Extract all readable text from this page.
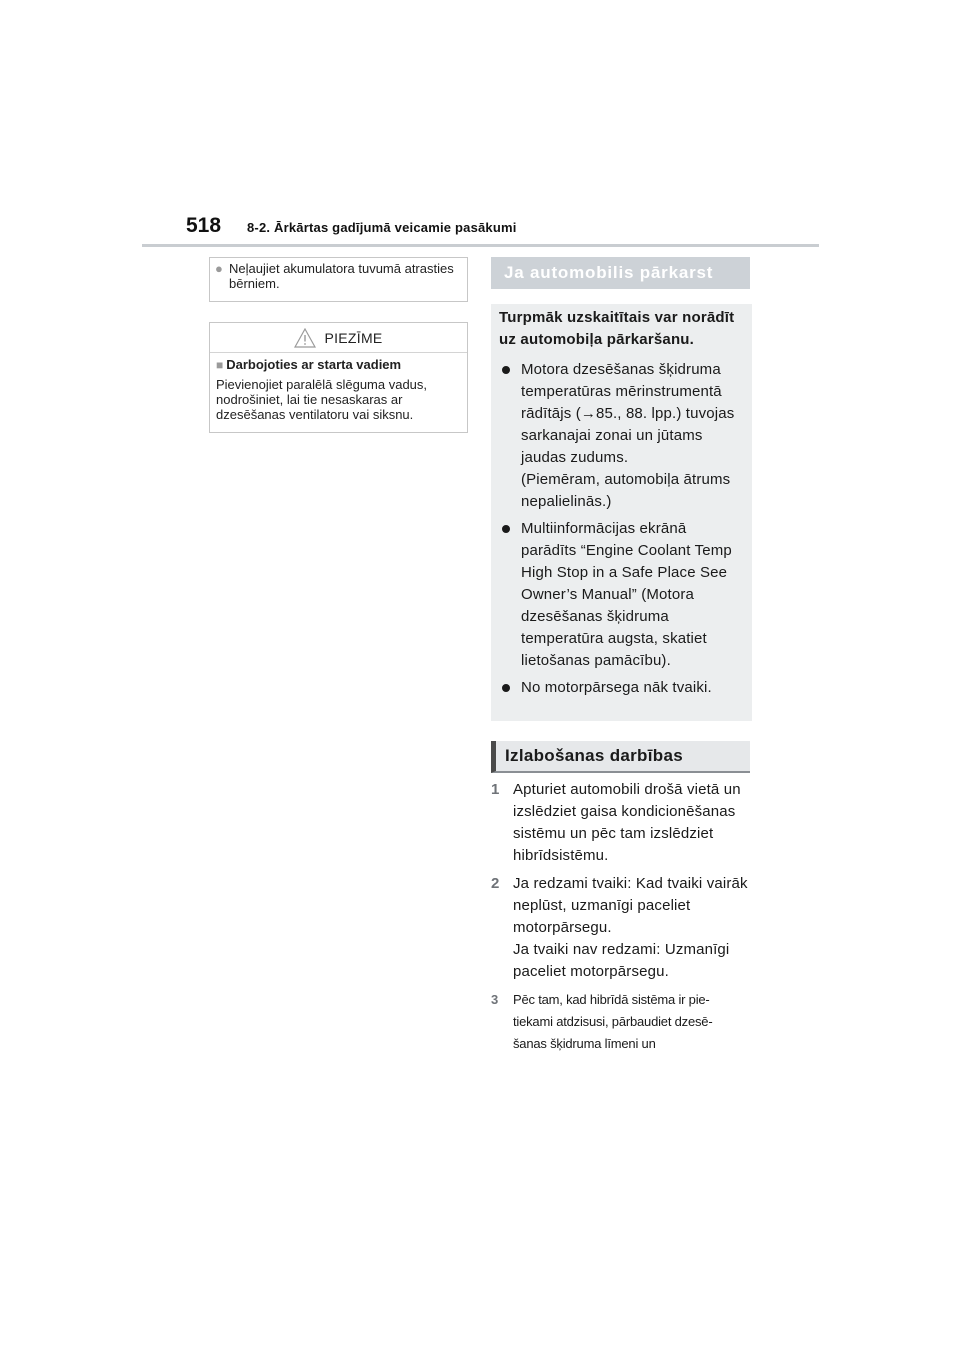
518 8-2. Ārkārtas gadījumā veicamie pasākumi
● Neļaujiet akumulatora tuvumā atrasties bērniem.
PIEZĪME
■ Darbojoties ar starta vadiem
Pievienojiet paralēlā slēguma vadus, nodrošiniet, lai tie nesaskaras ar dzesēšanas ventilatoru vai siksnu.
Ja automobilis pārkarst
Turpmāk uzskaitītais var norādīt uz automobiļa pārkaršanu.
Motora dzesēšanas šķidruma temperatūras mērinstrumentā rādītājs (→85., 88. lpp.) tuvojas sarkanajai zonai un jūtams jaudas zudums.
(Piemēram, automobiļa ātrums nepalielinās.)
Multiinformācijas ekrānā parādīts “Engine Coolant Temp High Stop in a Safe Place See Owner’s Manual” (Motora dzesēšanas šķidruma temperatūra augsta, skatiet lietošanas pamācību).
No motorpārsega nāk tvaiki.
Izlabošanas darbības
1 Apturiet automobili drošā vietā un izslēdziet gaisa kondicionēšanas sistēmu un pēc tam izslēdziet hibrīdsistēmu.
2 Ja redzami tvaiki: Kad tvaiki vairāk neplūst, uzmanīgi paceliet motorpārsegu.
Ja tvaiki nav redzami: Uzmanīgi paceliet motorpārsegu.
3	Pēc tam, kad hibrīdā sistēma ir pie-
tiekami atdzisusi, pārbaudiet dzesē-
šanas šķidruma līmeni un
